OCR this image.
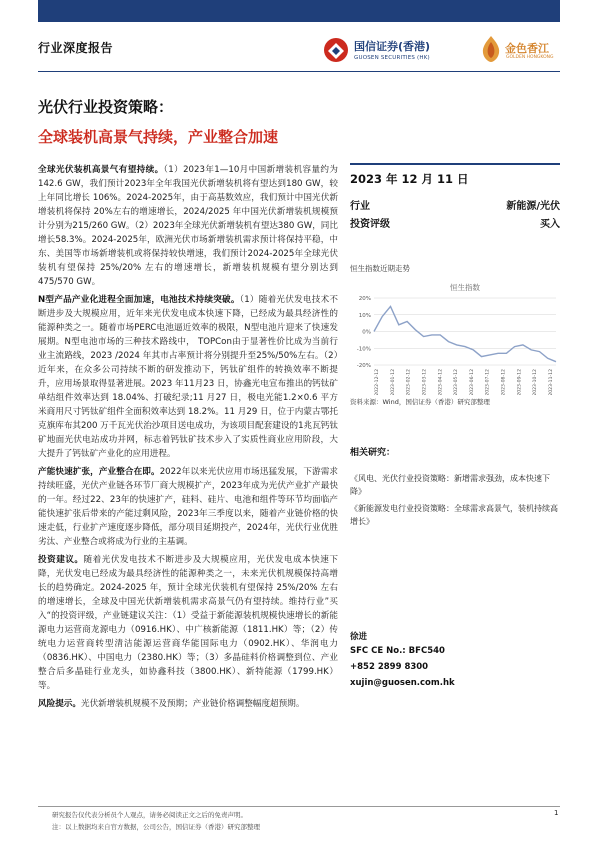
行业深度报告	国信证券(香港)
GUOSEN SECURITIES (HK)
金色香江
GOLDEN HONGKONG
光伏行业投资策略：
全球装机高景气持续，产业整合加速

全球光伏装机高景气有望持续。（1）2023年1—10月中国新增装机容量约为142.6 GW，我们预计2023年全年我国光伏新增装机将有望达到180 GW，较上年同比增长 106%。2024-2025年，由于高基数效应，我们预计中国光伏新增装机将保持 20%左右的增速增长，2024/2025 年中国光伏新增装机规模预计分别为215/260 GW。（2）2023年全球光伏新增装机有望达380 GW，同比增长58.3%。2024-2025年，欧洲光伏市场新增装机需求预计将保持平稳，中东、美国等市场新增装机或将保持较快增速，我们预计2024-2025年全球光伏装机有望保持 25%/20% 左右的增速增长，新增装机规模有望分别达到 475/570 GW。

N型产品产业化进程全面加速，电池技术持续突破。（1）随着光伏发电技术不断进步及大规模应用，近年来光伏发电成本快速下降，已经成为最具经济性的能源种类之一。随着市场PERC电池逼近效率的极限，N型电池片迎来了快速发展期。N型电池市场的三种技术路线中， TOPCon由于显著性价比成为当前行业主流路线，2023 /2024 年其市占率预计将分别提升至25%/50%左右。（2）近年来，在众多公司持续不断的研发推动下，钙钛矿组件的转换效率不断提升，应用场景取得显著进展。2023 年11月23 日，协鑫光电宣布推出的钙钛矿单结组件效率达到 18.04%、打破纪录;11 月27 日，极电光能1.2×0.6 平方米商用尺寸钙钛矿组件全面积效率达到 18.2%。11 月29 日，位于内蒙古鄂托克旗库布其200 万千瓦光伏治沙项目送电成功，为该项目配套建设的1兆瓦钙钛矿地面光伏电站成功并网，标志着钙钛矿技术步入了实质性商业应用阶段，大大提升了钙钛矿产业化的应用进程。

产能快速扩张，产业整合在即。2022年以来光伏应用市场迅猛发展，下游需求持续旺盛，光伏产业链各环节厂商大规模扩产，2023年成为光伏产业扩产最快的一年。经过22、23年的快速扩产，硅料、硅片、电池和组件等环节均面临产能快速扩张后带来的产能过剩风险，2023年三季度以来，随着产业链价格的快速走低，行业扩产速度逐步降低，部分项目延期投产，2024年，光伏行业优胜劣汰、产业整合或将成为行业的主基调。

投资建议。随着光伏发电技术不断进步及大规模应用，光伏发电成本快速下降，光伏发电已经成为最具经济性的能源种类之一，未来光伏机规模保持高增长的趋势确定。2024-2025 年，预计全球光伏装机有望保持 25%/20% 左右的增速增长，全球及中国光伏新增装机需求高景气仍有望持续。维持行业”买入“的投资评级，产业链建议关注：（1）受益于新能源装机规模快速增长的新能源电力运营商龙源电力（0916.HK）、中广核新能源（1811.HK）等；（2）传统电力运营商转型清洁能源运营商华能国际电力（0902.HK）、华润电力（0836.HK）、中国电力（2380.HK）等；（3）多晶硅料价格调整到位、产业整合后多晶硅行业龙头，如协鑫科技（3800.HK）、新特能源（1799.HK）等。

风险提示。光伏新增装机规模不及预期；产业链价格调整幅度超预期。

2023 年 12 月 11 日
行业	新能源/光伏
投资评级	买入
恒生指数近期走势
恒生指数
20%
10%
0%
-10%
-20%
2022-12-12 2023-01-12 2023-02-12 2023-03-12 2023-04-12 2023-05-12 2023-06-12 2023-07-12 2023-08-12 2023-09-12 2023-10-12 2023-11-12
资料来源：Wind，国信证券（香港）研究部整理
相关研究：
《风电、光伏行业投资策略：新增需求强劲，成本快速下降》
《新能源发电行业投资策略：全球需求高景气，装机持续高增长》
徐进
SFC CE No.: BFC540
+852 2899 8300
xujin@guosen.com.hk
研究报告仅代表分析员个人观点，请务必阅读正文之后的免责声明。
注：以上数据均来自官方数据，公司公告，国信证券（香港）研究部整理
1
